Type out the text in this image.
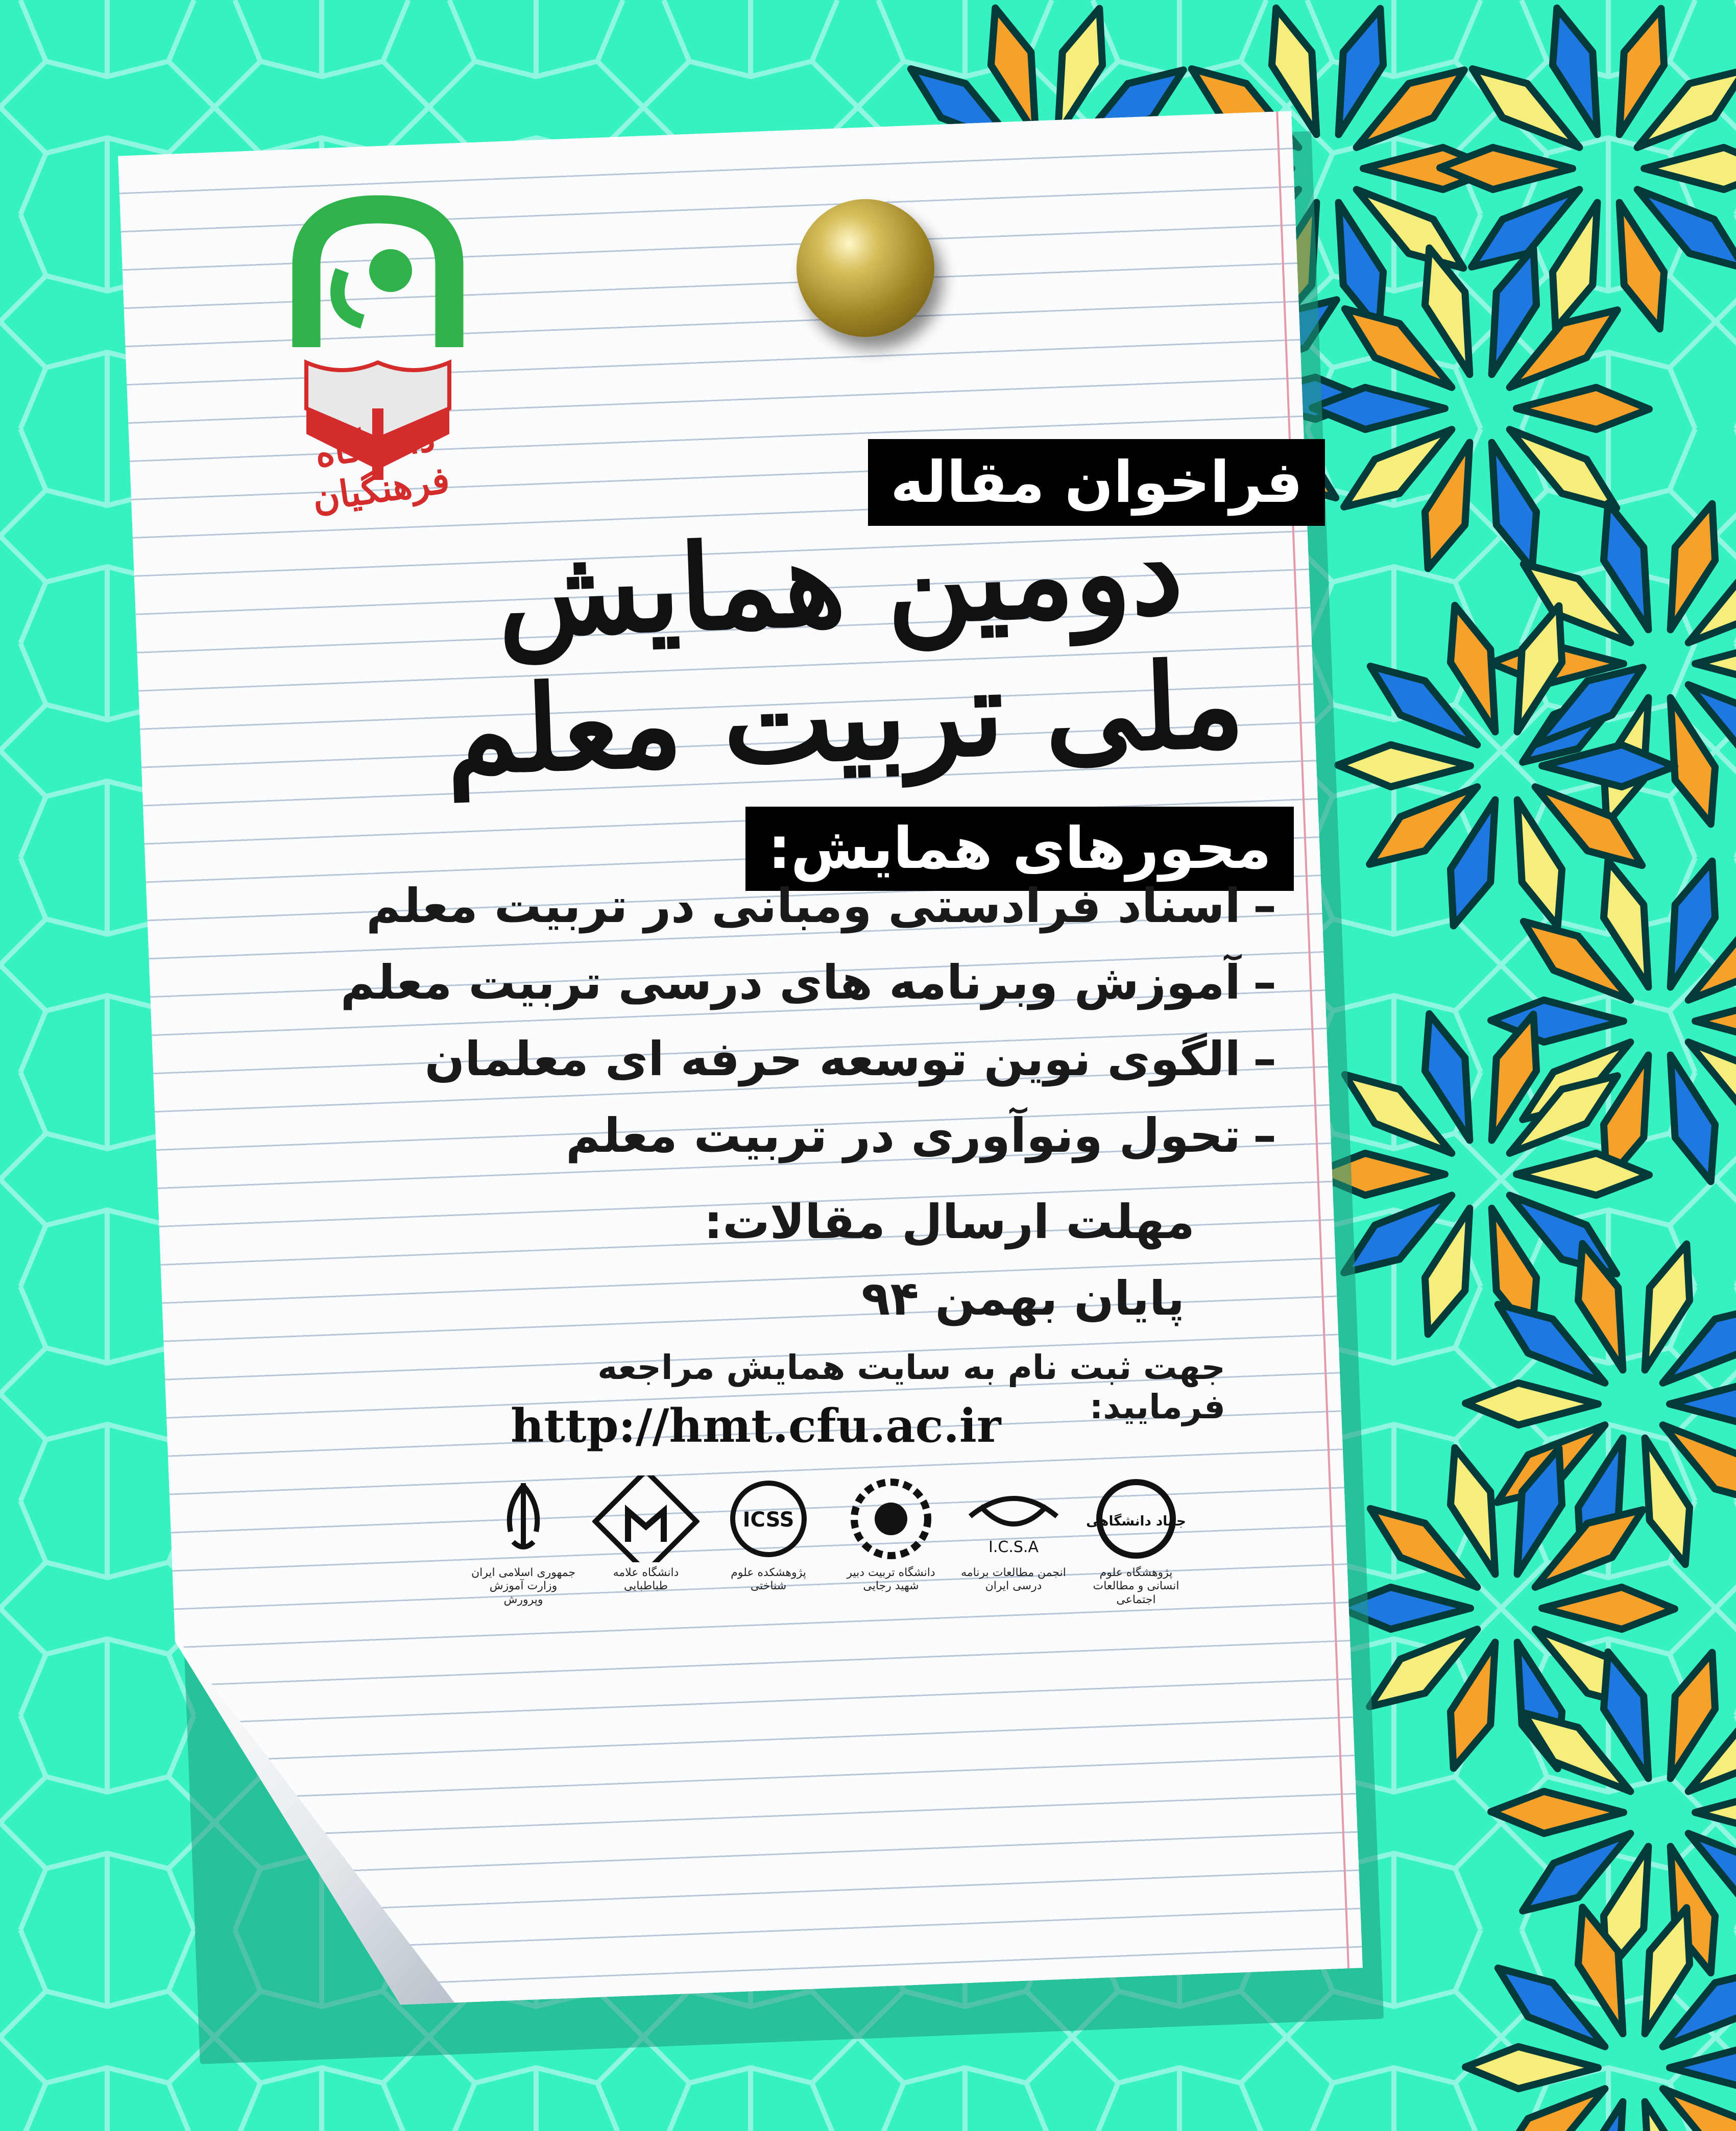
دانشگاه فرهنگیان	فراخوان مقاله
دومین همایش ملی تربیت معلم
محورهای همایش:
–اسناد فرادستی ومبانی در تربیت معلم
–آموزش وبرنامه های درسی تربیت معلم
–الگوی نوین توسعه حرفه ای معلمان
–تحول ونوآوری در تربیت معلم
مهلت ارسال مقالات:
پایان بهمن ۹۴
جهت ثبت نام به سایت همایش مراجعه فرمایید:
http://hmt.cfu.ac.ir
جمهوری اسلامی ایران وزارت آموزش وپرورش
دانشگاه علامه طباطبایی
ICSS
پژوهشکده علوم شناختی
دانشگاه تربیت دبیر شهید رجایی
I.C.S.A
انجمن مطالعات برنامه درسی ایران
جهاد دانشگاهی
پژوهشگاه علوم انسانی و مطالعات اجتماعی
